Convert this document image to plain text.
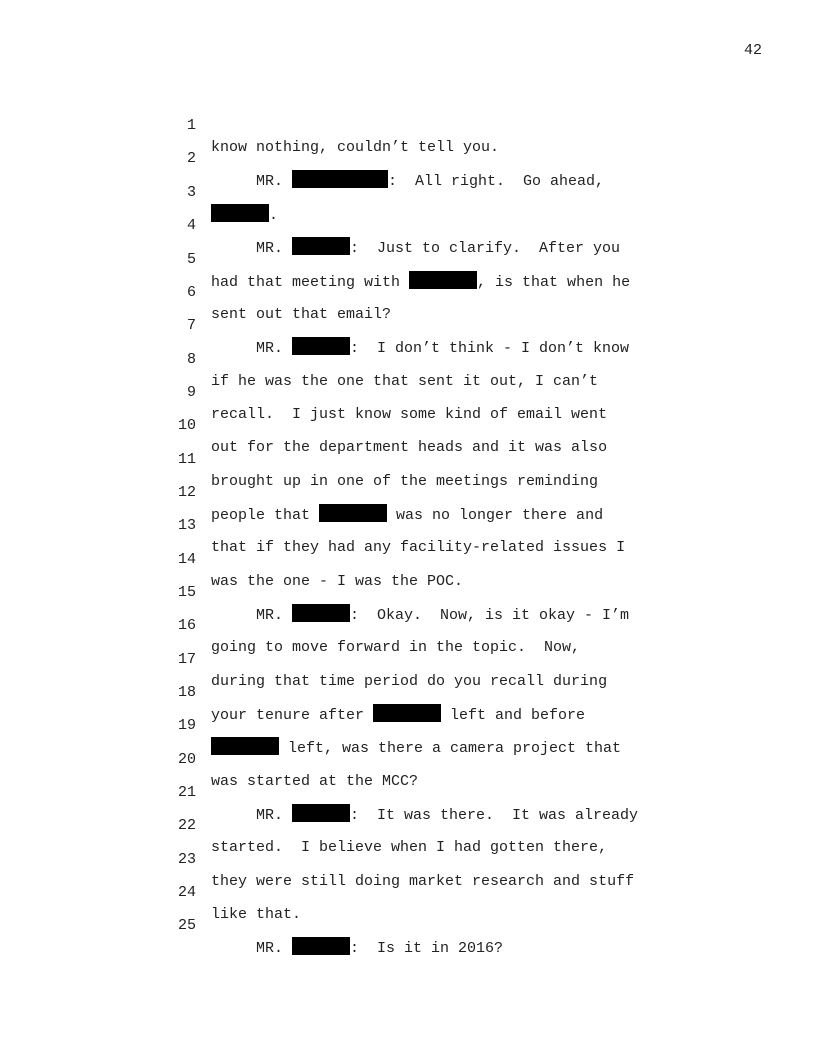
42

1

know nothing, couldn’t tell you.

2

MR.	:  All right.  Go ahead,

3

.

4

MR.	:  Just to clarify.  After you

5

had that meeting with	, is that when he

6

sent out that email?

7

MR.	:  I don’t think - I don’t know

8

if he was the one that sent it out, I can’t

9

recall.  I just know some kind of email went

10

out for the department heads and it was also

11

brought up in one of the meetings reminding

12

people that	was no longer there and

13

that if they had any facility-related issues I

14

was the one - I was the POC.

15

MR.	:  Okay.  Now, is it okay - I’m

16

going to move forward in the topic.  Now,

17

during that time period do you recall during

18

your tenure after	left and before

19

left, was there a camera project that

20

was started at the MCC?

21

MR.	:  It was there.  It was already

22

started.  I believe when I had gotten there,

23

they were still doing market research and stuff

24

like that.

25

MR.	:  Is it in 2016?
